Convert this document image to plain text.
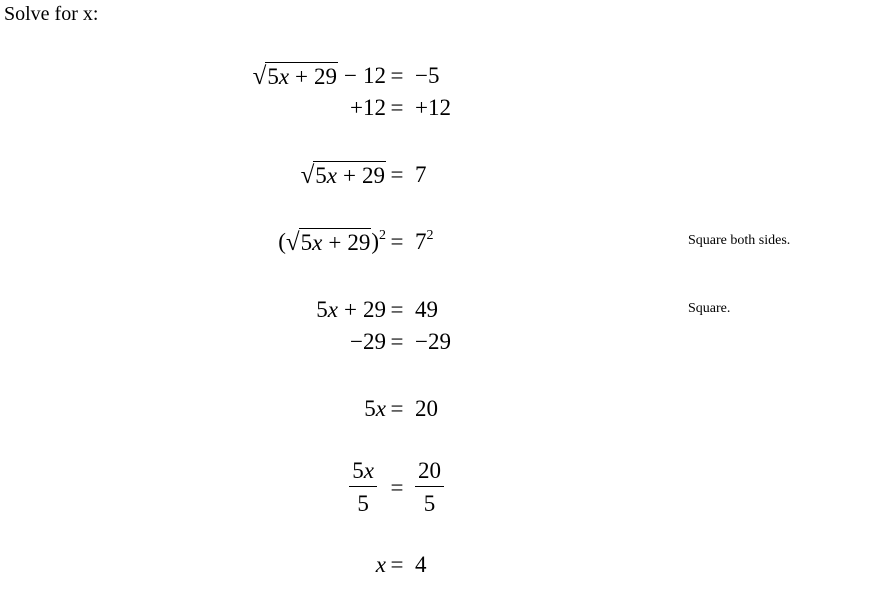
Solve for x:
√ 5x + 29 − 12 = −5
+12 = +12
√ 5x + 29 = 7
( √ 5x + 29 )$^2 = 7^2$	Square both sides.
5x + 29 = 49	Square.
−29 = −29
5x = 20
$\frac{5x}{5} = \frac{20}{5}$
x = 4
